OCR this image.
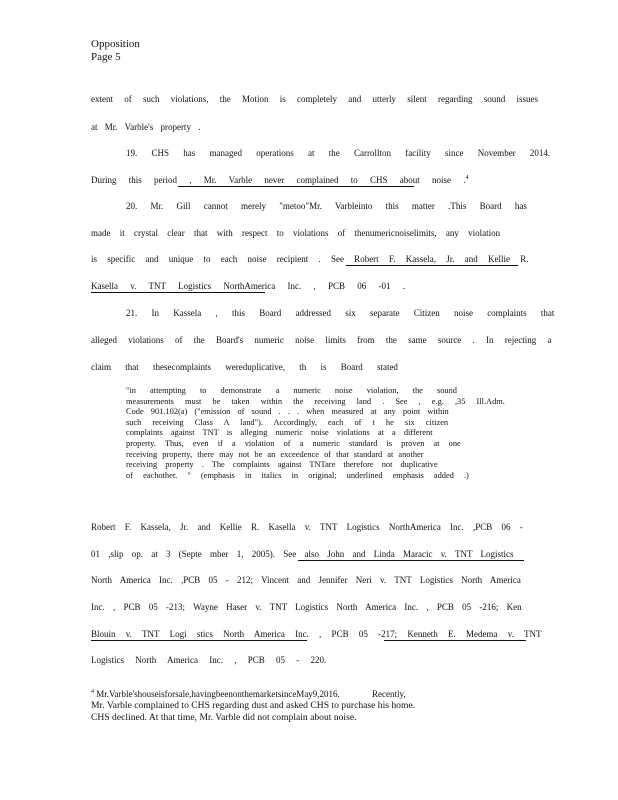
Opposition
Page 5
extent of such violations, the Motion is completely and utterly silent regarding sound issues
at Mr. Varble's property .
19. CHS has managed operations at the Carrollton facility since November 2014.
During this period , Mr. Varble never complained to CHS about noise . 4
20. Mr. Gill cannot merely "metoo"Mr. Varbleinto this matter .This Board has
made it crystal clear that with respect to violations of thenumericnoiselimits, any violation
is specific and unique to each noise recipient . See Robert F. Kassela, Jr. and Kellie R.
Kasella v. TNT Logistics NorthAmerica Inc. , PCB 06 -01 .
21. In Kassela , this Board addressed six separate Citizen noise complaints that
alleged violations of the Board's numeric noise limits from the same source . In rejecting a
claim that thesecomplaints wereduplicative, th is Board stated
"in attempting to demonstrate a numeric noise violation, the sound
measurements must be taken within the receiving land . See , e.g. ,35 Ill.Adm.
Code 901.102(a) ("emission of sound . . . when measured at any point within
such receiving Class A land"). Accordingly, each of t he six citizen
complaints against TNT is alleging numeric noise violations at a different
property. Thus, even if a violation of a numeric standard is proven at one
receiving property, there may not be an exceedence of that standard at another
receiving property . The complaints against TNTare therefore not duplicative
of eachother. " (emphasis in italics in original; underlined emphasis added .)
Robert F. Kassela, Jr. and Kellie R. Kasella v. TNT Logistics NorthAmerica Inc. ,PCB 06 -
01 ,slip op. at 3 (Septe mber 1, 2005). See also John and Linda Maracic v. TNT Logistics
North America Inc. ,PCB 05 - 212; Vincent and Jennifer Neri v. TNT Logistics North America
Inc. , PCB 05 -213; Wayne Haser v. TNT Logistics North America Inc. , PCB 05 -216; Ken
Blouin v. TNT Logi stics North America Inc. , PCB 05 -217; Kenneth E. Medema v. TNT
Logistics North America Inc. , PCB 05 - 220.
$^4$ Mr.Varble'shouseisforsale,havingbeenonthemarketsinceMay9,2016. Recently,
Mr. Varble complained to CHS regarding dust and asked CHS to purchase his home.
CHS declined. At that time, Mr. Varble did not complain about noise.
